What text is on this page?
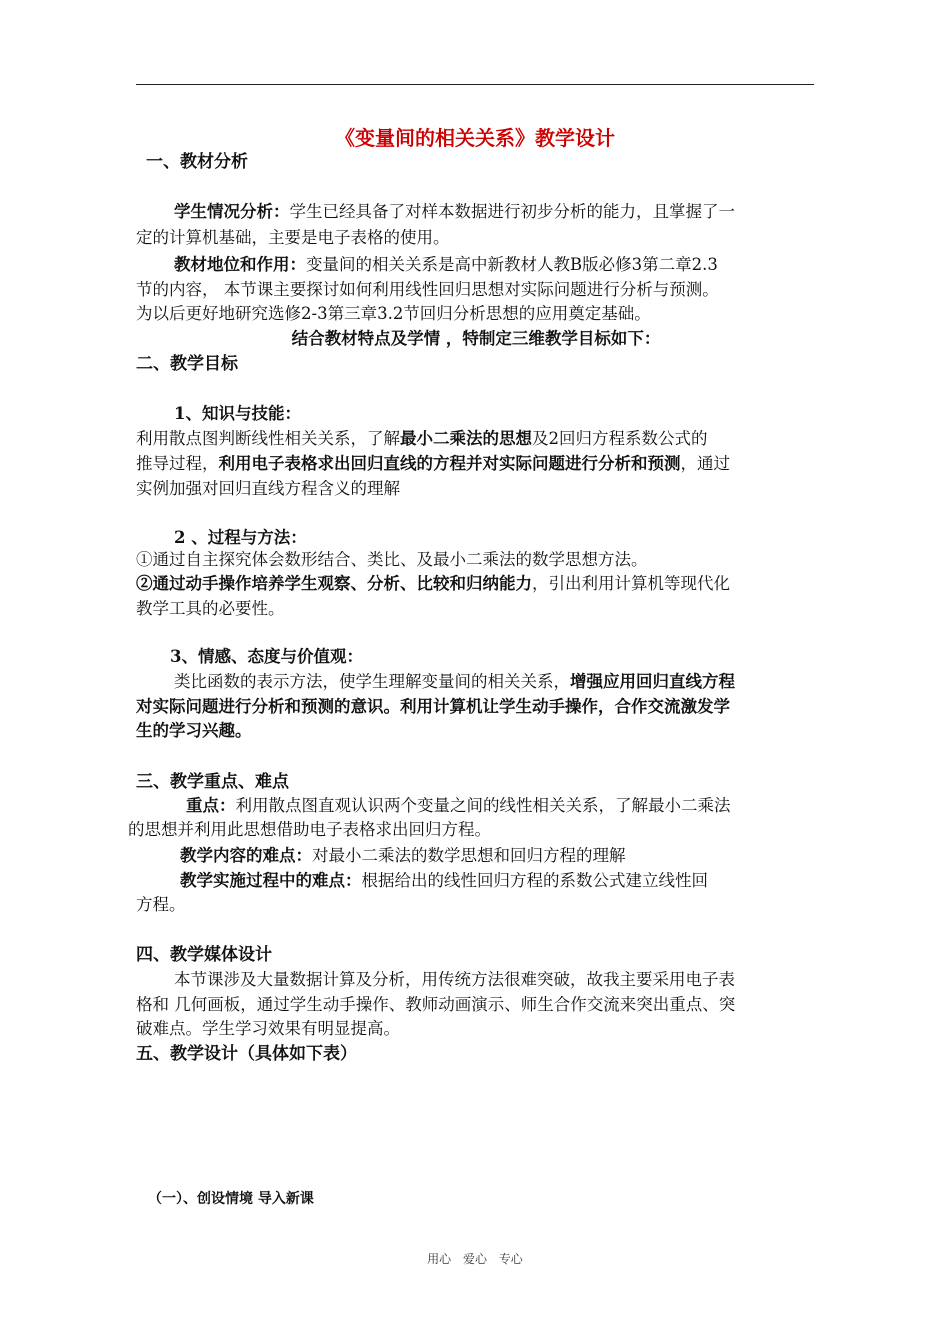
《变量间的相关关系》教学设计
一、教材分析
学生情况分析：学生已经具备了对样本数据进行初步分析的能力，且掌握了一
定的计算机基础，主要是电子表格的使用。
教材地位和作用：变量间的相关关系是高中新教材人教B版必修3第二章2.3
节的内容， 本节课主要探讨如何利用线性回归思想对实际问题进行分析与预测。
为以后更好地研究选修2-3第三章3.2节回归分析思想的应用奠定基础。
结合教材特点及学情 ，特制定三维教学目标如下：
二、教学目标
1、知识与技能：
利用散点图判断线性相关关系，了解最小二乘法的思想及2回归方程系数公式的
推导过程，利用电子表格求出回归直线的方程并对实际问题进行分析和预测，通过
实例加强对回归直线方程含义的理解
2 、过程与方法：
①通过自主探究体会数形结合、类比、及最小二乘法的数学思想方法。
②通过动手操作培养学生观察、分析、比较和归纳能力，引出利用计算机等现代化
教学工具的必要性。
3、情感、态度与价值观：
类比函数的表示方法，使学生理解变量间的相关关系，增强应用回归直线方程
对实际问题进行分析和预测的意识。利用计算机让学生动手操作，合作交流激发学
生的学习兴趣。
三、教学重点、难点
重点：利用散点图直观认识两个变量之间的线性相关关系，了解最小二乘法
的思想并利用此思想借助电子表格求出回归方程。
教学内容的难点：对最小二乘法的数学思想和回归方程的理解
教学实施过程中的难点：根据给出的线性回归方程的系数公式建立线性回
方程。
四、教学媒体设计
本节课涉及大量数据计算及分析，用传统方法很难突破，故我主要采用电子表
格和 几何画板，通过学生动手操作、教师动画演示、师生合作交流来突出重点、突
破难点。学生学习效果有明显提高。
五、教学设计（具体如下表）
（一）、创设情境 导入新课
用心 爱心 专心
